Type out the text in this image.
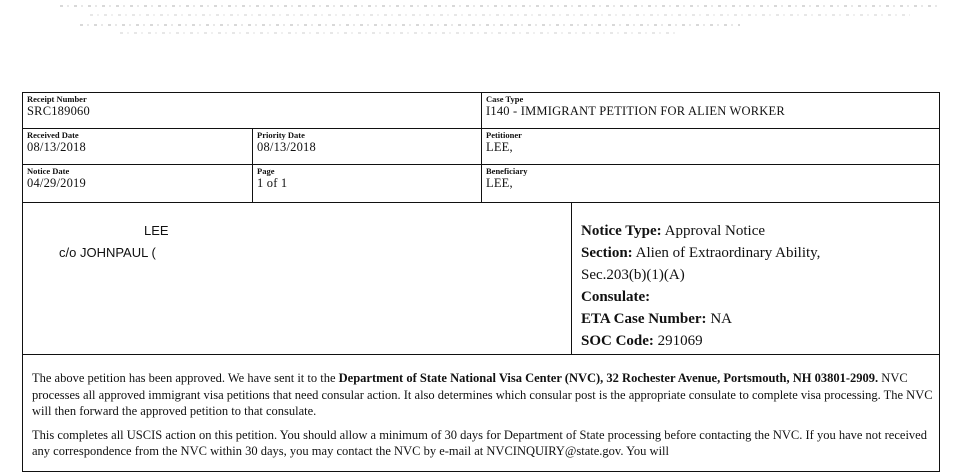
Receipt Number
SRC189060
Case Type
I140 - IMMIGRANT PETITION FOR ALIEN WORKER
Received Date
08/13/2018
Priority Date
08/13/2018
Petitioner
LEE,
Notice Date
04/29/2019
Page
1 of 1
Beneficiary
LEE,
LEE
c/o JOHNPAUL (
Notice Type: Approval Notice
Section: Alien of Extraordinary Ability,
Sec.203(b)(1)(A)
Consulate:
ETA Case Number: NA
SOC Code: 291069

The above petition has been approved. We have sent it to the Department of State National Visa Center (NVC), 32 Rochester Avenue, Portsmouth, NH 03801-2909. NVC processes all approved immigrant visa petitions that need consular action. It also determines which consular post is the appropriate consulate to complete visa processing. The NVC will then forward the approved petition to that consulate.

This completes all USCIS action on this petition. You should allow a minimum of 30 days for Department of State processing before contacting the NVC. If you have not received any correspondence from the NVC within 30 days, you may contact the NVC by e-mail at NVCINQUIRY@state.gov. You will
